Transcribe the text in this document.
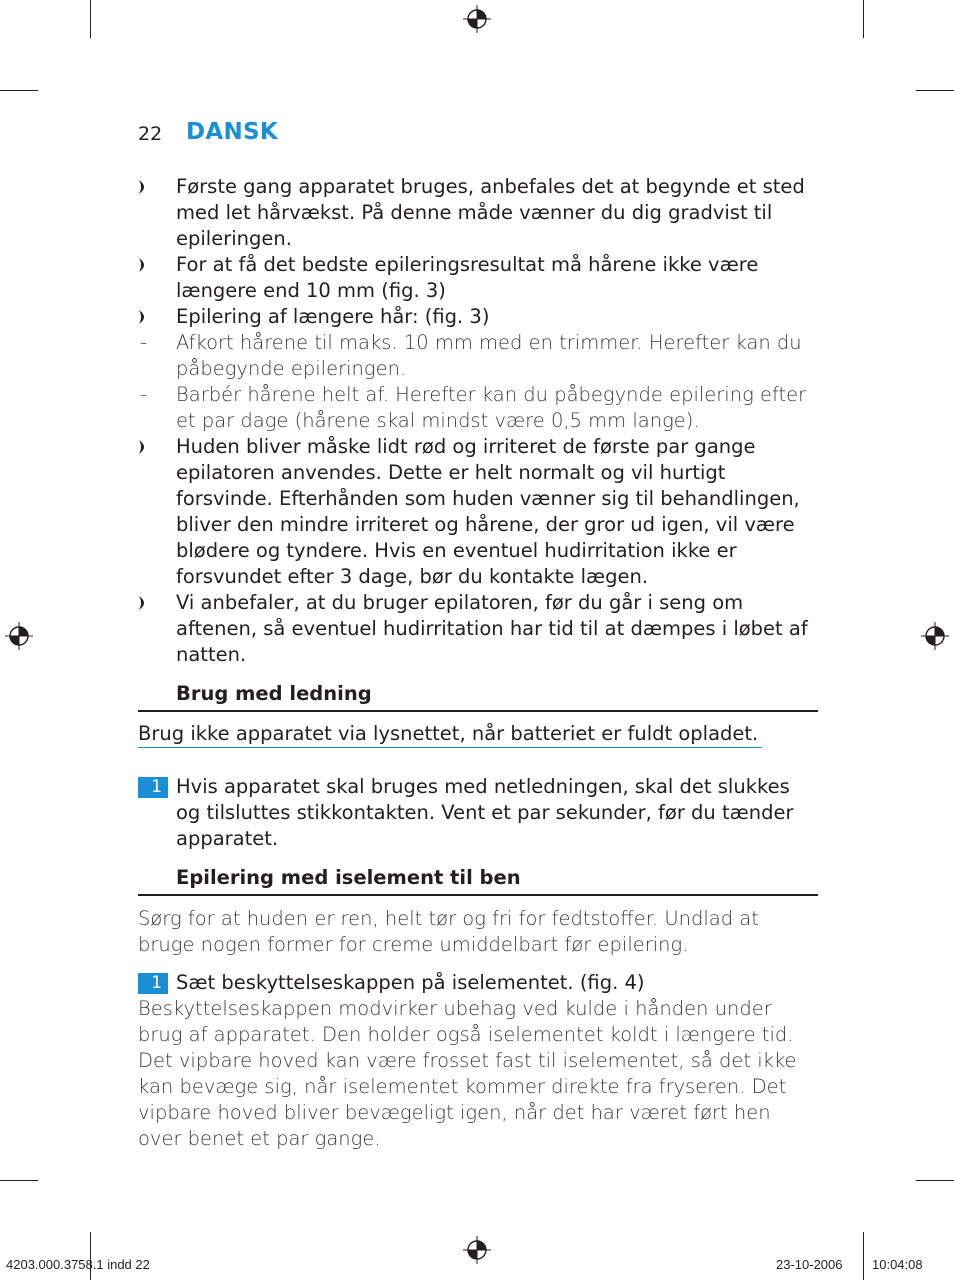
22 DANSK
Første gang apparatet bruges, anbefales det at begynde et sted med let hårvækst. På denne måde vænner du dig gradvist til epileringen.
For at få det bedste epileringsresultat må hårene ikke være længere end 10 mm (fig. 3)
Epilering af længere hår: (fig. 3)
- Afkort hårene til maks. 10 mm med en trimmer. Herefter kan du påbegynde epileringen.
- Barbér hårene helt af. Herefter kan du påbegynde epilering efter et par dage (hårene skal mindst være 0,5 mm lange).
Huden bliver måske lidt rød og irriteret de første par gange epilatoren anvendes. Dette er helt normalt og vil hurtigt forsvinde. Efterhånden som huden vænner sig til behandlingen, bliver den mindre irriteret og hårene, der gror ud igen, vil være blødere og tyndere. Hvis en eventuel hudirritation ikke er forsvundet efter 3 dage, bør du kontakte lægen.
Vi anbefaler, at du bruger epilatoren, før du går i seng om aftenen, så eventuel hudirritation har tid til at dæmpes i løbet af natten.
Brug med ledning
Brug ikke apparatet via lysnettet, når batteriet er fuldt opladet.
1 Hvis apparatet skal bruges med netledningen, skal det slukkes og tilsluttes stikkontakten. Vent et par sekunder, før du tænder apparatet.
Epilering med iselement til ben
Sørg for at huden er ren, helt tør og fri for fedtstoffer. Undlad at bruge nogen former for creme umiddelbart før epilering.
1 Sæt beskyttelseskappen på iselementet. (fig. 4)
Beskyttelseskappen modvirker ubehag ved kulde i hånden under brug af apparatet. Den holder også iselementet koldt i længere tid.
Det vipbare hoved kan være frosset fast til iselementet, så det ikke kan bevæge sig, når iselementet kommer direkte fra fryseren. Det vipbare hoved bliver bevægeligt igen, når det har været ført hen over benet et par gange.
4203.000.3758.1 indd 22	23-10-2006 10:04:08
